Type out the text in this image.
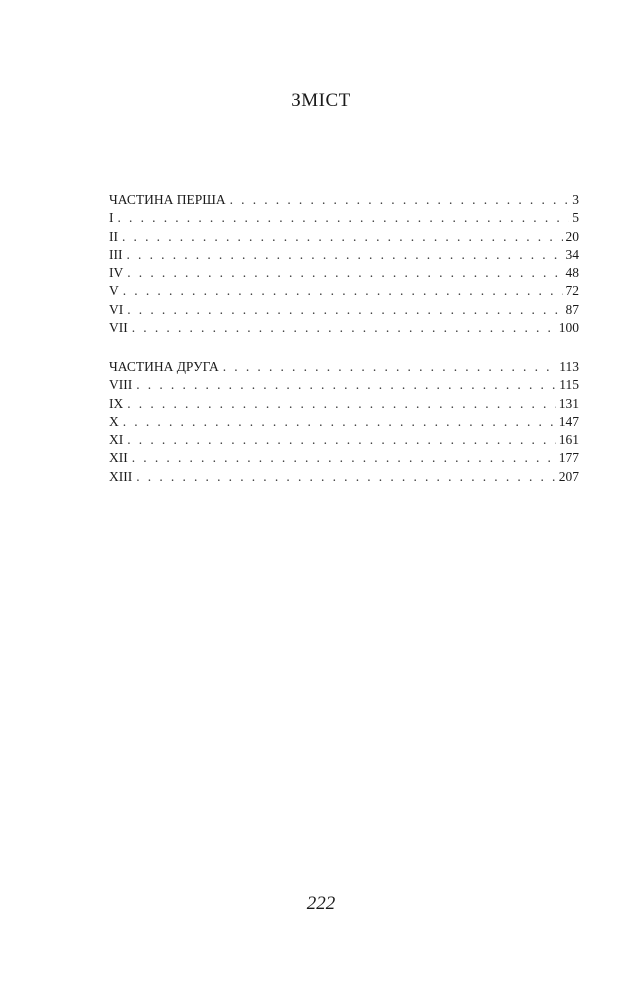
ЗМІСТ
ЧАСТИНА ПЕРША . . .	3
I . . .	5
II . . .	20
III . . .	34
IV . . .	48
V . . .	72
VI . . .	87
VII . . .	100
ЧАСТИНА ДРУГА . . .	113
VIII . . .	115
IX . . .	131
X . . .	147
XI . . .	161
XII . . .	177
XIII . . .	207
222
